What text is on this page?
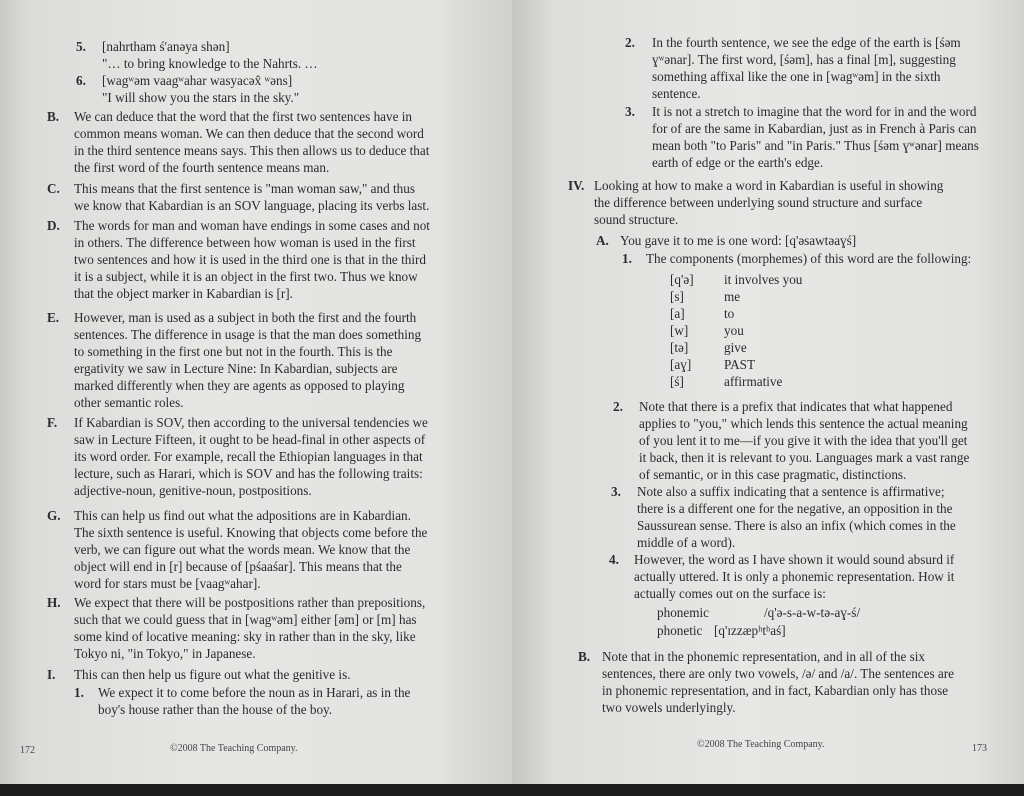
5. [nahrtham ś'anəya shən]
"… to bring knowledge to the Nahrts. …
6. [wagʷəm vaagʷahar wasyacəx̂ ʷəns]
"I will show you the stars in the sky."
B. We can deduce that the word that the first two sentences have in
common means woman. We can then deduce that the second word
in the third sentence means says. This then allows us to deduce that
the first word of the fourth sentence means man.
C. This means that the first sentence is "man woman saw," and thus
we know that Kabardian is an SOV language, placing its verbs last.
D. The words for man and woman have endings in some cases and not
in others. The difference between how woman is used in the first
two sentences and how it is used in the third one is that in the third
it is a subject, while it is an object in the first two. Thus we know
that the object marker in Kabardian is [r].
E. However, man is used as a subject in both the first and the fourth
sentences. The difference in usage is that the man does something
to something in the first one but not in the fourth. This is the
ergativity we saw in Lecture Nine: In Kabardian, subjects are
marked differently when they are agents as opposed to playing
other semantic roles.
F. If Kabardian is SOV, then according to the universal tendencies we
saw in Lecture Fifteen, it ought to be head-final in other aspects of
its word order. For example, recall the Ethiopian languages in that
lecture, such as Harari, which is SOV and has the following traits:
adjective-noun, genitive-noun, postpositions.
G. This can help us find out what the adpositions are in Kabardian.
The sixth sentence is useful. Knowing that objects come before the
verb, we can figure out what the words mean. We know that the
object will end in [r] because of [pśaaśar]. This means that the
word for stars must be [vaagʷahar].
H. We expect that there will be postpositions rather than prepositions,
such that we could guess that in [wagʷəm] either [əm] or [m] has
some kind of locative meaning: sky in rather than in the sky, like
Tokyo ni, "in Tokyo," in Japanese.
I. This can then help us figure out what the genitive is.
1. We expect it to come before the noun as in Harari, as in the
boy's house rather than the house of the boy.
172	©2008 The Teaching Company.
2. In the fourth sentence, we see the edge of the earth is [śəm
ɣʷənar]. The first word, [śəm], has a final [m], suggesting
something affixal like the one in [wagʷəm] in the sixth
sentence.
3. It is not a stretch to imagine that the word for in and the word
for of are the same in Kabardian, just as in French à Paris can
mean both "to Paris" and "in Paris." Thus [śəm ɣʷənar] means
earth of edge or the earth's edge.
IV. Looking at how to make a word in Kabardian is useful in showing
the difference between underlying sound structure and surface
sound structure.
A. You gave it to me is one word: [q'əsawtəaɣś]
1. The components (morphemes) of this word are the following:
[q'ə] it involves you
[s]	me
[a]	to
[w]	you
[tə]	give
[aɣ] PAST
[ś]	affirmative
2. Note that there is a prefix that indicates that what happened
applies to "you," which lends this sentence the actual meaning
of you lent it to me—if you give it with the idea that you'll get
it back, then it is relevant to you. Languages mark a vast range
of semantic, or in this case pragmatic, distinctions.
3. Note also a suffix indicating that a sentence is affirmative;
there is a different one for the negative, an opposition in the
Saussurean sense. There is also an infix (which comes in the
middle of a word).
4. However, the word as I have shown it would sound absurd if
actually uttered. It is only a phonemic representation. How it
actually comes out on the surface is:
phonemic	/q'ə-s-a-w-tə-aɣ-ś/
phonetic [q'ɪzzæpʰtʰaś]
B. Note that in the phonemic representation, and in all of the six
sentences, there are only two vowels, /ə/ and /a/. The sentences are
in phonemic representation, and in fact, Kabardian only has those
two vowels underlyingly.
©2008 The Teaching Company.	173
